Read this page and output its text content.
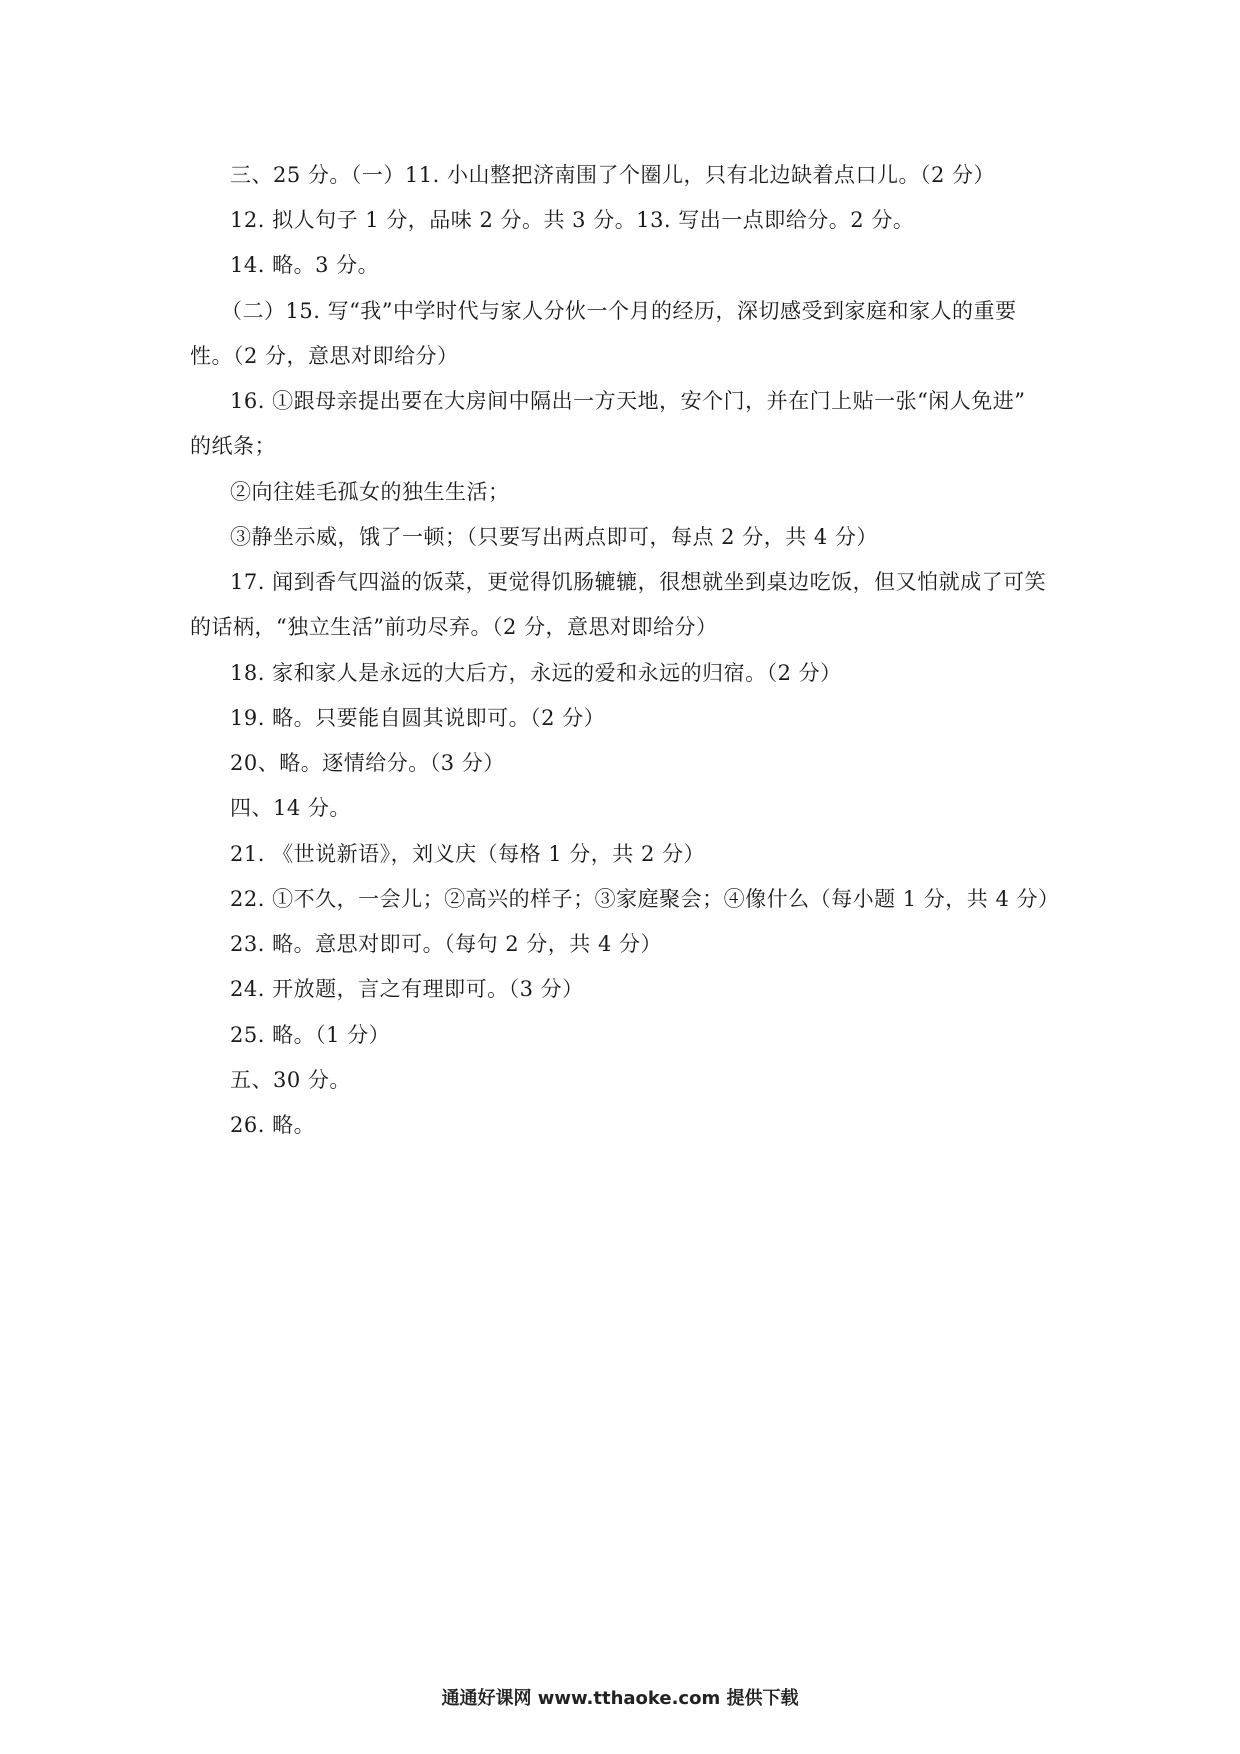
三、25 分。（一）11. 小山整把济南围了个圈儿，只有北边缺着点口儿。（2 分）
12. 拟人句子 1 分，品味 2 分。共 3 分。13. 写出一点即给分。2 分。
14. 略。3 分。
（二）15. 写“我”中学时代与家人分伙一个月的经历，深切感受到家庭和家人的重要
性。（2 分，意思对即给分）
16. ①跟母亲提出要在大房间中隔出一方天地，安个门，并在门上贴一张“闲人免进”
的纸条；
②向往娃毛孤女的独生生活；
③静坐示威，饿了一顿；（只要写出两点即可，每点 2 分，共 4 分）
17. 闻到香气四溢的饭菜，更觉得饥肠辘辘，很想就坐到桌边吃饭，但又怕就成了可笑
的话柄，“独立生活”前功尽弃。（2 分，意思对即给分）
18. 家和家人是永远的大后方，永远的爱和永远的归宿。（2 分）
19. 略。只要能自圆其说即可。（2 分）
20、略。逐情给分。（3 分）
四、14 分。
21. 《世说新语》，刘义庆（每格 1 分，共 2 分）
22. ①不久，一会儿；②高兴的样子；③家庭聚会；④像什么（每小题 1 分，共 4 分）
23. 略。意思对即可。（每句 2 分，共 4 分）
24. 开放题，言之有理即可。（3 分）
25. 略。（1 分）
五、30 分。
26. 略。
通通好课网 www.tthaoke.com 提供下载
